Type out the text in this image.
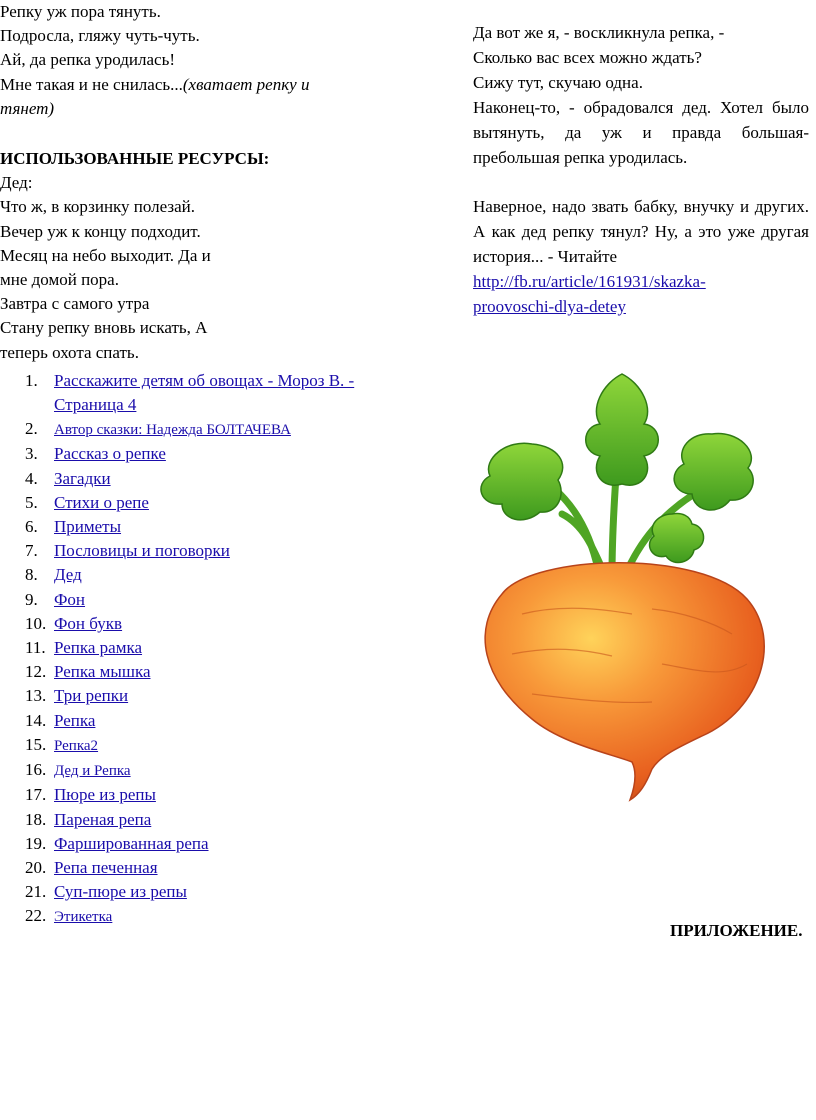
Репку уж пора тянуть.
Подросла, гляжу чуть-чуть.
Ай, да репка уродилась!
Мне такая и не снилась...(хватает репку и
тянет)
ИСПОЛЬЗОВАННЫЕ РЕСУРСЫ:
Дед:
Что ж, в корзинку полезай.
Вечер уж к концу подходит.
Месяц на небо выходит. Да и
мне домой пора.
Завтра с самого утра
Стану репку вновь искать, А
теперь охота спать.
Расскажите детям об овощах - Мороз В. -
Страница 4
Автор сказки: Надежда БОЛТАЧЕВА
Рассказ о репке
Загадки
Стихи о репе
Приметы
Пословицы и поговорки
Дед
Фон
Фон букв
Репка рамка
Репка мышка
Три репки
Репка
Репка2
Дед и Репка
Пюре из репы
Пареная репа
Фаршированная репа
Репа печенная
Суп-пюре из репы
Этикетка
Да вот же я, - воскликнула репка, -
Сколько вас всех можно ждать?
Сижу тут, скучаю одна.
Наконец-то, - обрадовался дед. Хотел было вытянуть, да уж и правда большая-пребольшая репка уродилась.
Наверное, надо звать бабку, внучку и других. А как дед репку тянул? Ну, а это уже другая история... - Читайте
http://fb.ru/article/161931/skazka-
proovoschi-dlya-detey
ПРИЛОЖЕНИЕ.
